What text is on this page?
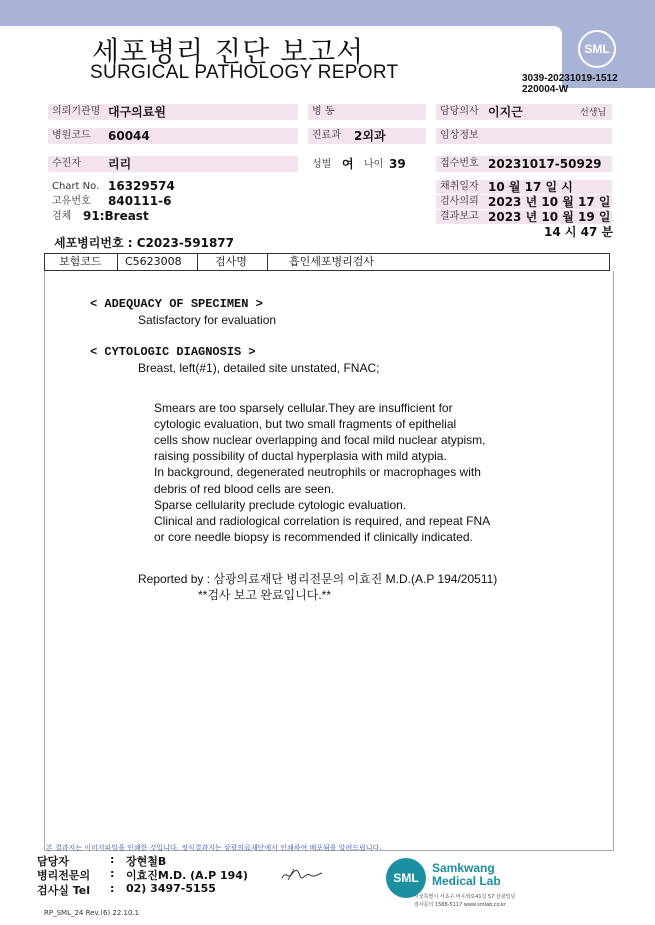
세포병리 진단 보고서
SURGICAL PATHOLOGY REPORT
SML
3039-20231019-1512
220004-W
의뢰기관명 대구의료원	병 동	담당의사 이지근	선생님
병원코드	60044	진료과	2외과	임상정보
수진자	리리	성별 여 나이 39	접수번호 20231017-50929
Chart No. 16329574
고유번호 840111-6
검체 91:Breast
채취일자 10 월 17 일 시
검사의뢰 2023 년 10 월 17 일
결과보고 2023 년 10 월 19 일
14 시 47 분
세포병리번호 : C2023-591877
보험코드 C5623008	검사명	흡인세포병리검사
< ADEQUACY OF SPECIMEN >
Satisfactory for evaluation
< CYTOLOGIC DIAGNOSIS >
Breast, left(#1), detailed site unstated, FNAC;
Smears are too sparsely cellular.They are insufficient for
cytologic evaluation, but two small fragments of epithelial
cells show nuclear overlapping and focal mild nuclear atypism,
raising possibility of ductal hyperplasia with mild atypia.
In background, degenerated neutrophils or macrophages with
debris of red blood cells are seen.
Sparse cellularity preclude cytologic evaluation.
Clinical and radiological correlation is required, and repeat FNA
or core needle biopsy is recommended if clinically indicated.
Reported by : 삼광의료재단 병리전문의 이효진 M.D.(A.P 194/20511)
**검사 보고 완료입니다.**
본 결과지는 이미지파일을 인쇄한 것입니다. 정식결과지는 삼광의료재단에서 인쇄하여 배포됨을 알려드립니다.
담당자	: 장현철B
병리전문의 : 이효진M.D. (A.P 194)
검사실 Tel : 02) 3497-5155
SML
Samkwang
Medical Lab
서울특별시 서초구 바우뫼로41길 57 삼광빌딩
검사문의 1588-5117 www.smlab.co.kr
RP_SML_24 Rev.(6) 22.10.1
